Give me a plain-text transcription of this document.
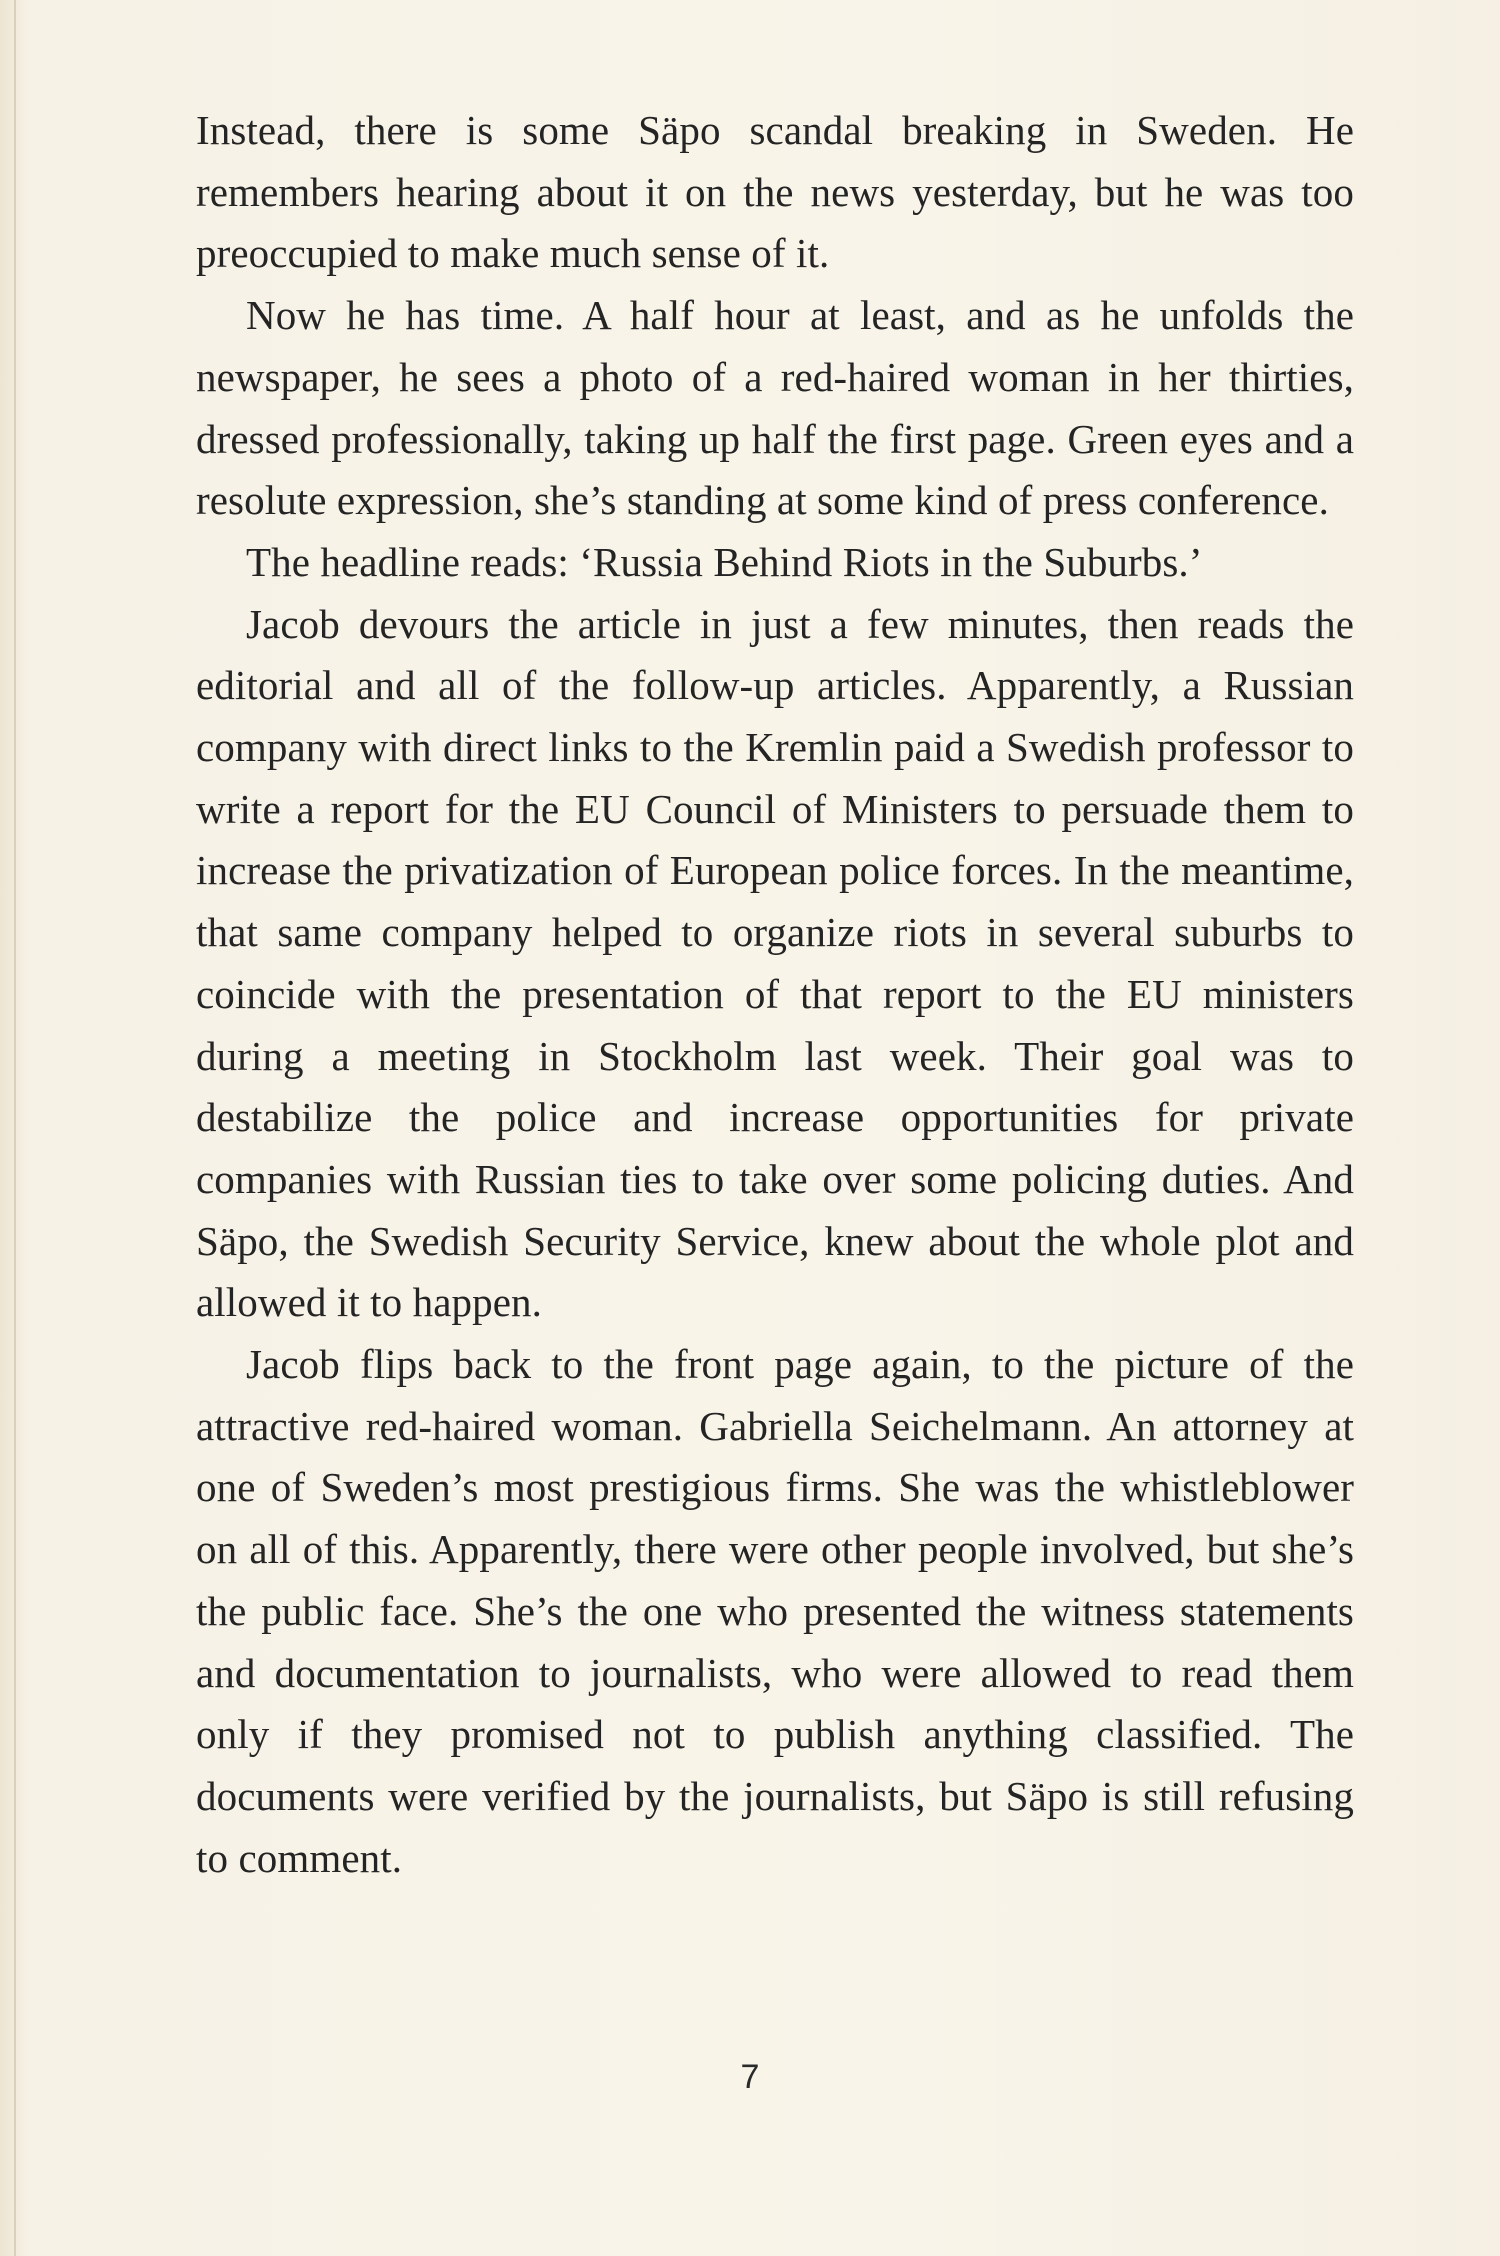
Instead, there is some Säpo scandal breaking in Sweden. He remembers hearing about it on the news yesterday, but he was too preoccupied to make much sense of it.

Now he has time. A half hour at least, and as he unfolds the newspaper, he sees a photo of a red-haired woman in her thirties, dressed professionally, taking up half the first page. Green eyes and a resolute expression, she’s standing at some kind of press conference.

The headline reads: ‘Russia Behind Riots in the Suburbs.’

Jacob devours the article in just a few minutes, then reads the editorial and all of the follow-up articles. Apparently, a Russian company with direct links to the Kremlin paid a Swedish professor to write a report for the EU Council of Ministers to persuade them to increase the privatization of European police forces. In the meantime, that same company helped to organize riots in several suburbs to coincide with the presentation of that report to the EU ministers during a meeting in Stockholm last week. Their goal was to destabilize the police and increase opportunities for private companies with Russian ties to take over some policing duties. And Säpo, the Swedish Security Service, knew about the whole plot and allowed it to happen.

Jacob flips back to the front page again, to the picture of the attractive red-haired woman. Gabriella Seichelmann. An attorney at one of Sweden’s most prestigious firms. She was the whistleblower on all of this. Apparently, there were other people involved, but she’s the public face. She’s the one who presented the witness statements and documentation to journalists, who were allowed to read them only if they promised not to publish anything classified. The documents were verified by the journalists, but Säpo is still refusing to comment.

7
